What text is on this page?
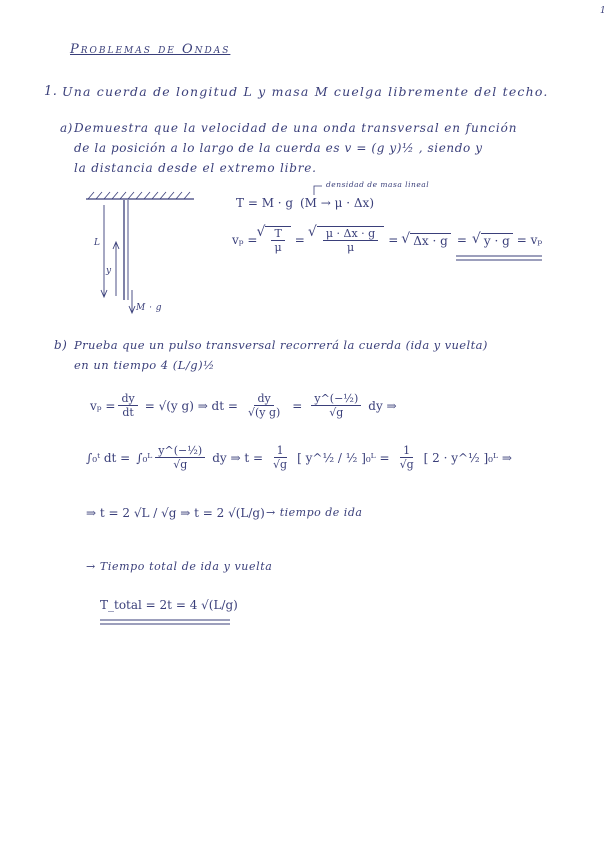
1
Problemas de Ondas
1. Una cuerda de longitud L y masa M cuelga libremente del techo.
a) Demuestra que la velocidad de una onda transversal en función
de la posición a lo largo de la cuerda es v = (g y)½ , siendo y
la distancia desde el extremo libre.
L
y
M · g
densidad de masa lineal
T = M · g (M → μ · Δx)
vₚ = √ $\frac{T}{\mu}$ = √ $\frac{\mu \cdot \Delta x \cdot g}{\mu}$ = √ Δx · g = √ y · g = vₚ
b) Prueba que un pulso transversal recorrerá la cuerda (ida y vuelta)
en un tiempo 4 (L/g)½
$v_p = \frac{dy}{dt} = √(y$ g) ⇒ dt = $\frac{dy}{\text{√(y g)}} = \frac{\text{y\textasciicircum{}(−½)}}{√g}$ dy ⇒
∫₀ᵗ dt = ∫₀ᴸ $\frac{\text{y\textasciicircum{}(−½)}}{√g}$ dy ⇒ $t = \frac{1}{√g}$ [ y^½ / ½ ]₀ᴸ = $\frac{1}{√g}$ [ 2 · y^½ ]₀ᴸ ⇒
⇒ t = 2 √L / √g ⇒ t = 2 √(L/g) → tiempo de ida
→ Tiempo total de ida y vuelta
T_total = 2t = 4 √(L/g)
